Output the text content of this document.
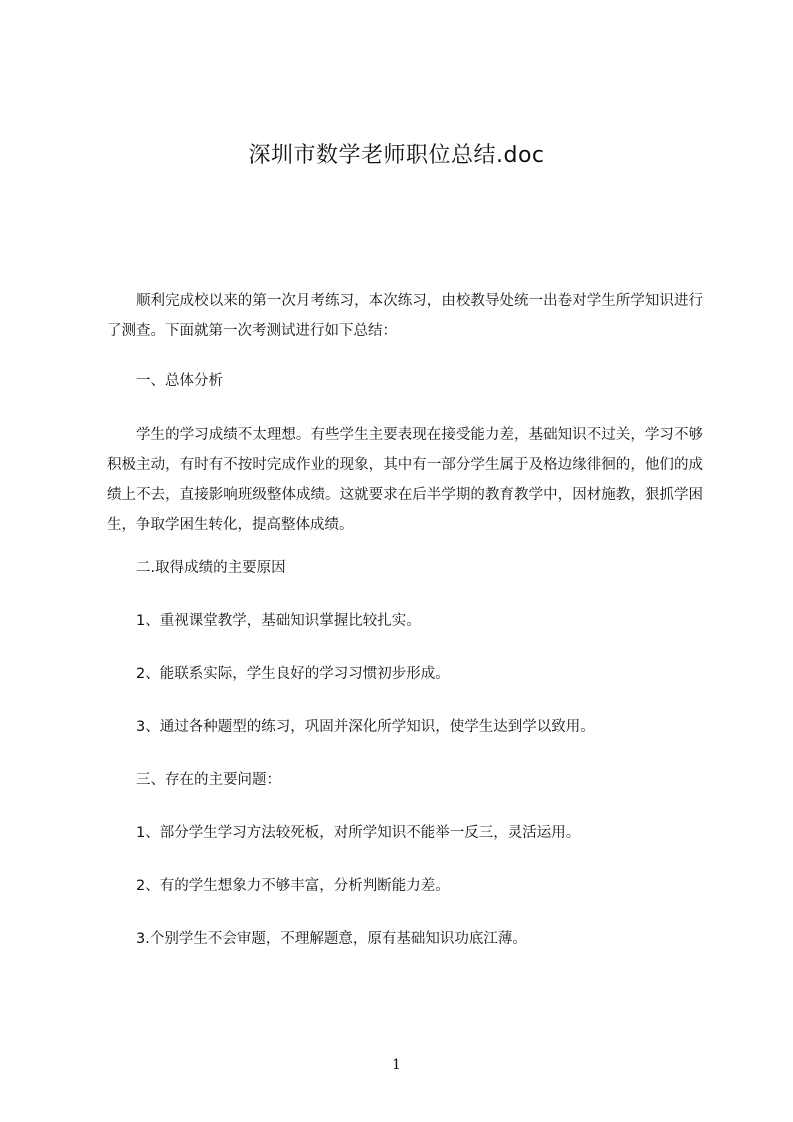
深圳市数学老师职位总结.doc

顺利完成校以来的第一次月考练习，本次练习，由校教导处统一出卷对学生所学知识进行了测查。下面就第一次考测试进行如下总结：

一、总体分析

学生的学习成绩不太理想。有些学生主要表现在接受能力差，基础知识不过关，学习不够积极主动，有时有不按时完成作业的现象，其中有一部分学生属于及格边缘徘徊的，他们的成绩上不去，直接影响班级整体成绩。这就要求在后半学期的教育教学中，因材施教，狠抓学困生，争取学困生转化，提高整体成绩。

二.取得成绩的主要原因
1、重视课堂教学，基础知识掌握比较扎实。
2、能联系实际，学生良好的学习习惯初步形成。
3、通过各种题型的练习，巩固并深化所学知识，使学生达到学以致用。
三、存在的主要问题：
1、部分学生学习方法较死板，对所学知识不能举一反三，灵活运用。
2、有的学生想象力不够丰富，分析判断能力差。
3.个别学生不会审题，不理解题意，原有基础知识功底江薄。
1
